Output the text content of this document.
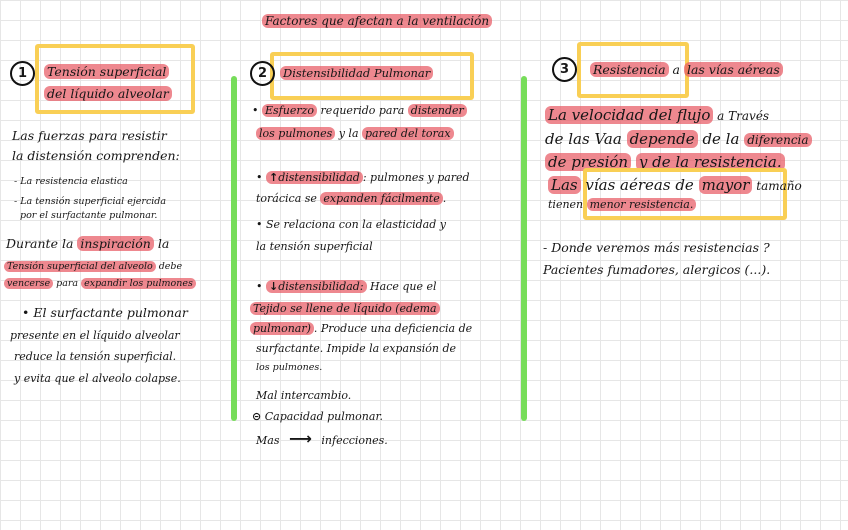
Factores que afectan a la ventilación
1	Tensión superficial
del líquido alveolar
Las fuerzas para resistir
la distensión comprenden:
- La resistencia elastica
- La tensión superficial ejercida
por el surfactante pulmonar.
Durante la inspiración la
Tensión superficial del alveolo debe
vencerse para expandir los pulmones
• El surfactante pulmonar
presente en el líquido alveolar
reduce la tensión superficial.
y evita que el alveolo colapse.
2	Distensibilidad Pulmonar
• Esfuerzo requerido para distender
los pulmones y la pared del torax
• ↑distensibilidad : pulmones y pared
torácica se expanden fácilmente .
• Se relaciona con la elasticidad y
la tensión superficial
• ↓distensibilidad: Hace que el
Tejido se llene de líquido (edema
pulmonar) . Produce una deficiencia de
surfactante. Impide la expansión de
los pulmones.
Mal intercambio.
⊝ Capacidad pulmonar.
Mas ⟶ infecciones.
3	Resistencia a las vías aéreas
La velocidad del flujo a Través
de las Vaa depende de la diferencia
de presión y de la resistencia.
Las vías aéreas de mayor tamaño
tienen menor resistencia.
- Donde veremos más resistencias ?
Pacientes fumadores, alergicos (...).
